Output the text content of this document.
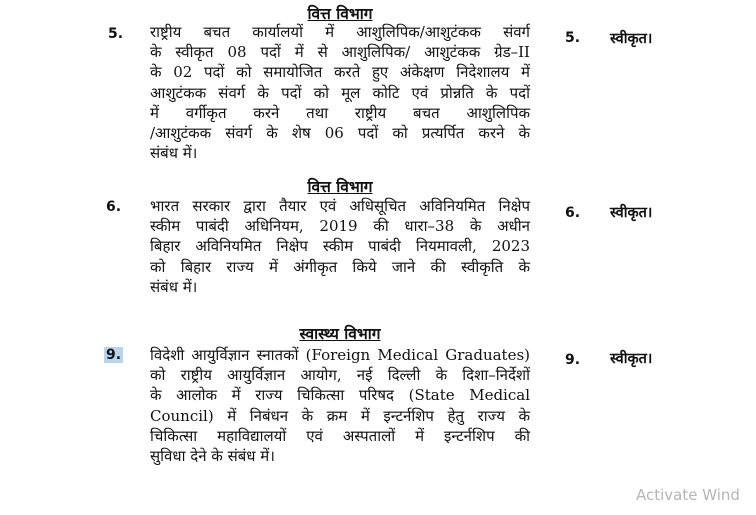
वित्त विभाग
5. राष्ट्रीय बचत कार्यालयों में आशुलिपिक/आशुटंकक संवर्ग
के स्वीकृत 08 पदों में से आशुलिपिक/ आशुटंकक ग्रेड–II
के 02 पदों को समायोजित करते हुए अंकेक्षण निदेशालय में
आशुटंकक संवर्ग के पदों को मूल कोटि एवं प्रोन्नति के पदों
में वर्गीकृत करने तथा राष्ट्रीय बचत आशुलिपिक
/आशुटंकक संवर्ग के शेष 06 पदों को प्रत्यर्पित करने के
संबंध में।
5. स्वीकृत।
वित्त विभाग
6. भारत सरकार द्वारा तैयार एवं अधिसूचित अविनियमित निक्षेप
स्कीम पाबंदी अधिनियम, 2019 की धारा–38 के अधीन
बिहार अविनियमित निक्षेप स्कीम पाबंदी नियमावली, 2023
को बिहार राज्य में अंगीकृत किये जाने की स्वीकृति के
संबंध में।
6. स्वीकृत।
स्वास्थ्य विभाग
9. विदेशी आयुर्विज्ञान स्नातकों (Foreign Medical Graduates)
को राष्ट्रीय आयुर्विज्ञान आयोग, नई दिल्ली के दिशा–निर्देशों
के आलोक में राज्य चिकित्सा परिषद (State Medical
Council) में निबंधन के क्रम में इन्टर्नशिप हेतु राज्य के
चिकित्सा महाविद्यालयों एवं अस्पतालों में इन्टर्नशिप की
सुविधा देने के संबंध में।
9. स्वीकृत।
Activate Wind
